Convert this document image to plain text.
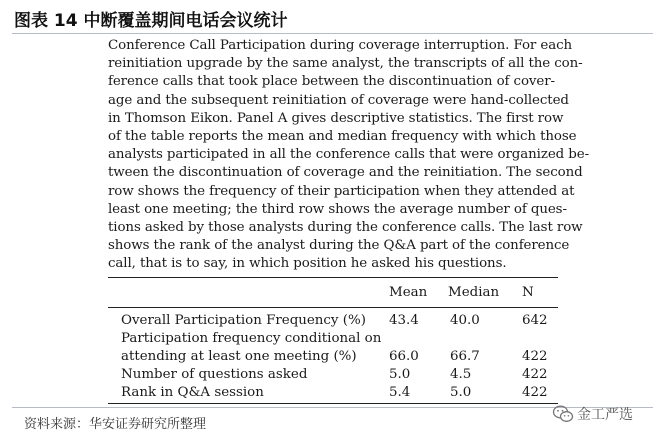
图表 14 中断覆盖期间电话会议统计
Conference Call Participation during coverage interruption. For each
reinitiation upgrade by the same analyst, the transcripts of all the con-
ference calls that took place between the discontinuation of cover-
age and the subsequent reinitiation of coverage were hand-collected
in Thomson Eikon. Panel A gives descriptive statistics. The first row
of the table reports the mean and median frequency with which those
analysts participated in all the conference calls that were organized be-
tween the discontinuation of coverage and the reinitiation. The second
row shows the frequency of their participation when they attended at
least one meeting; the third row shows the average number of ques-
tions asked by those analysts during the conference calls. The last row
shows the rank of the analyst during the Q&A part of the conference
call, that is to say, in which position he asked his questions.
Mean Median N
Overall Participation Frequency (%) 43.4 40.0	642
Participation frequency conditional on
attending at least one meeting (%) 66.0 66.7	422
Number of questions asked	5.0	4.5	422
Rank in Q&A session	5.4	5.0	422
资料来源：华安证券研究所整理
金工严选
